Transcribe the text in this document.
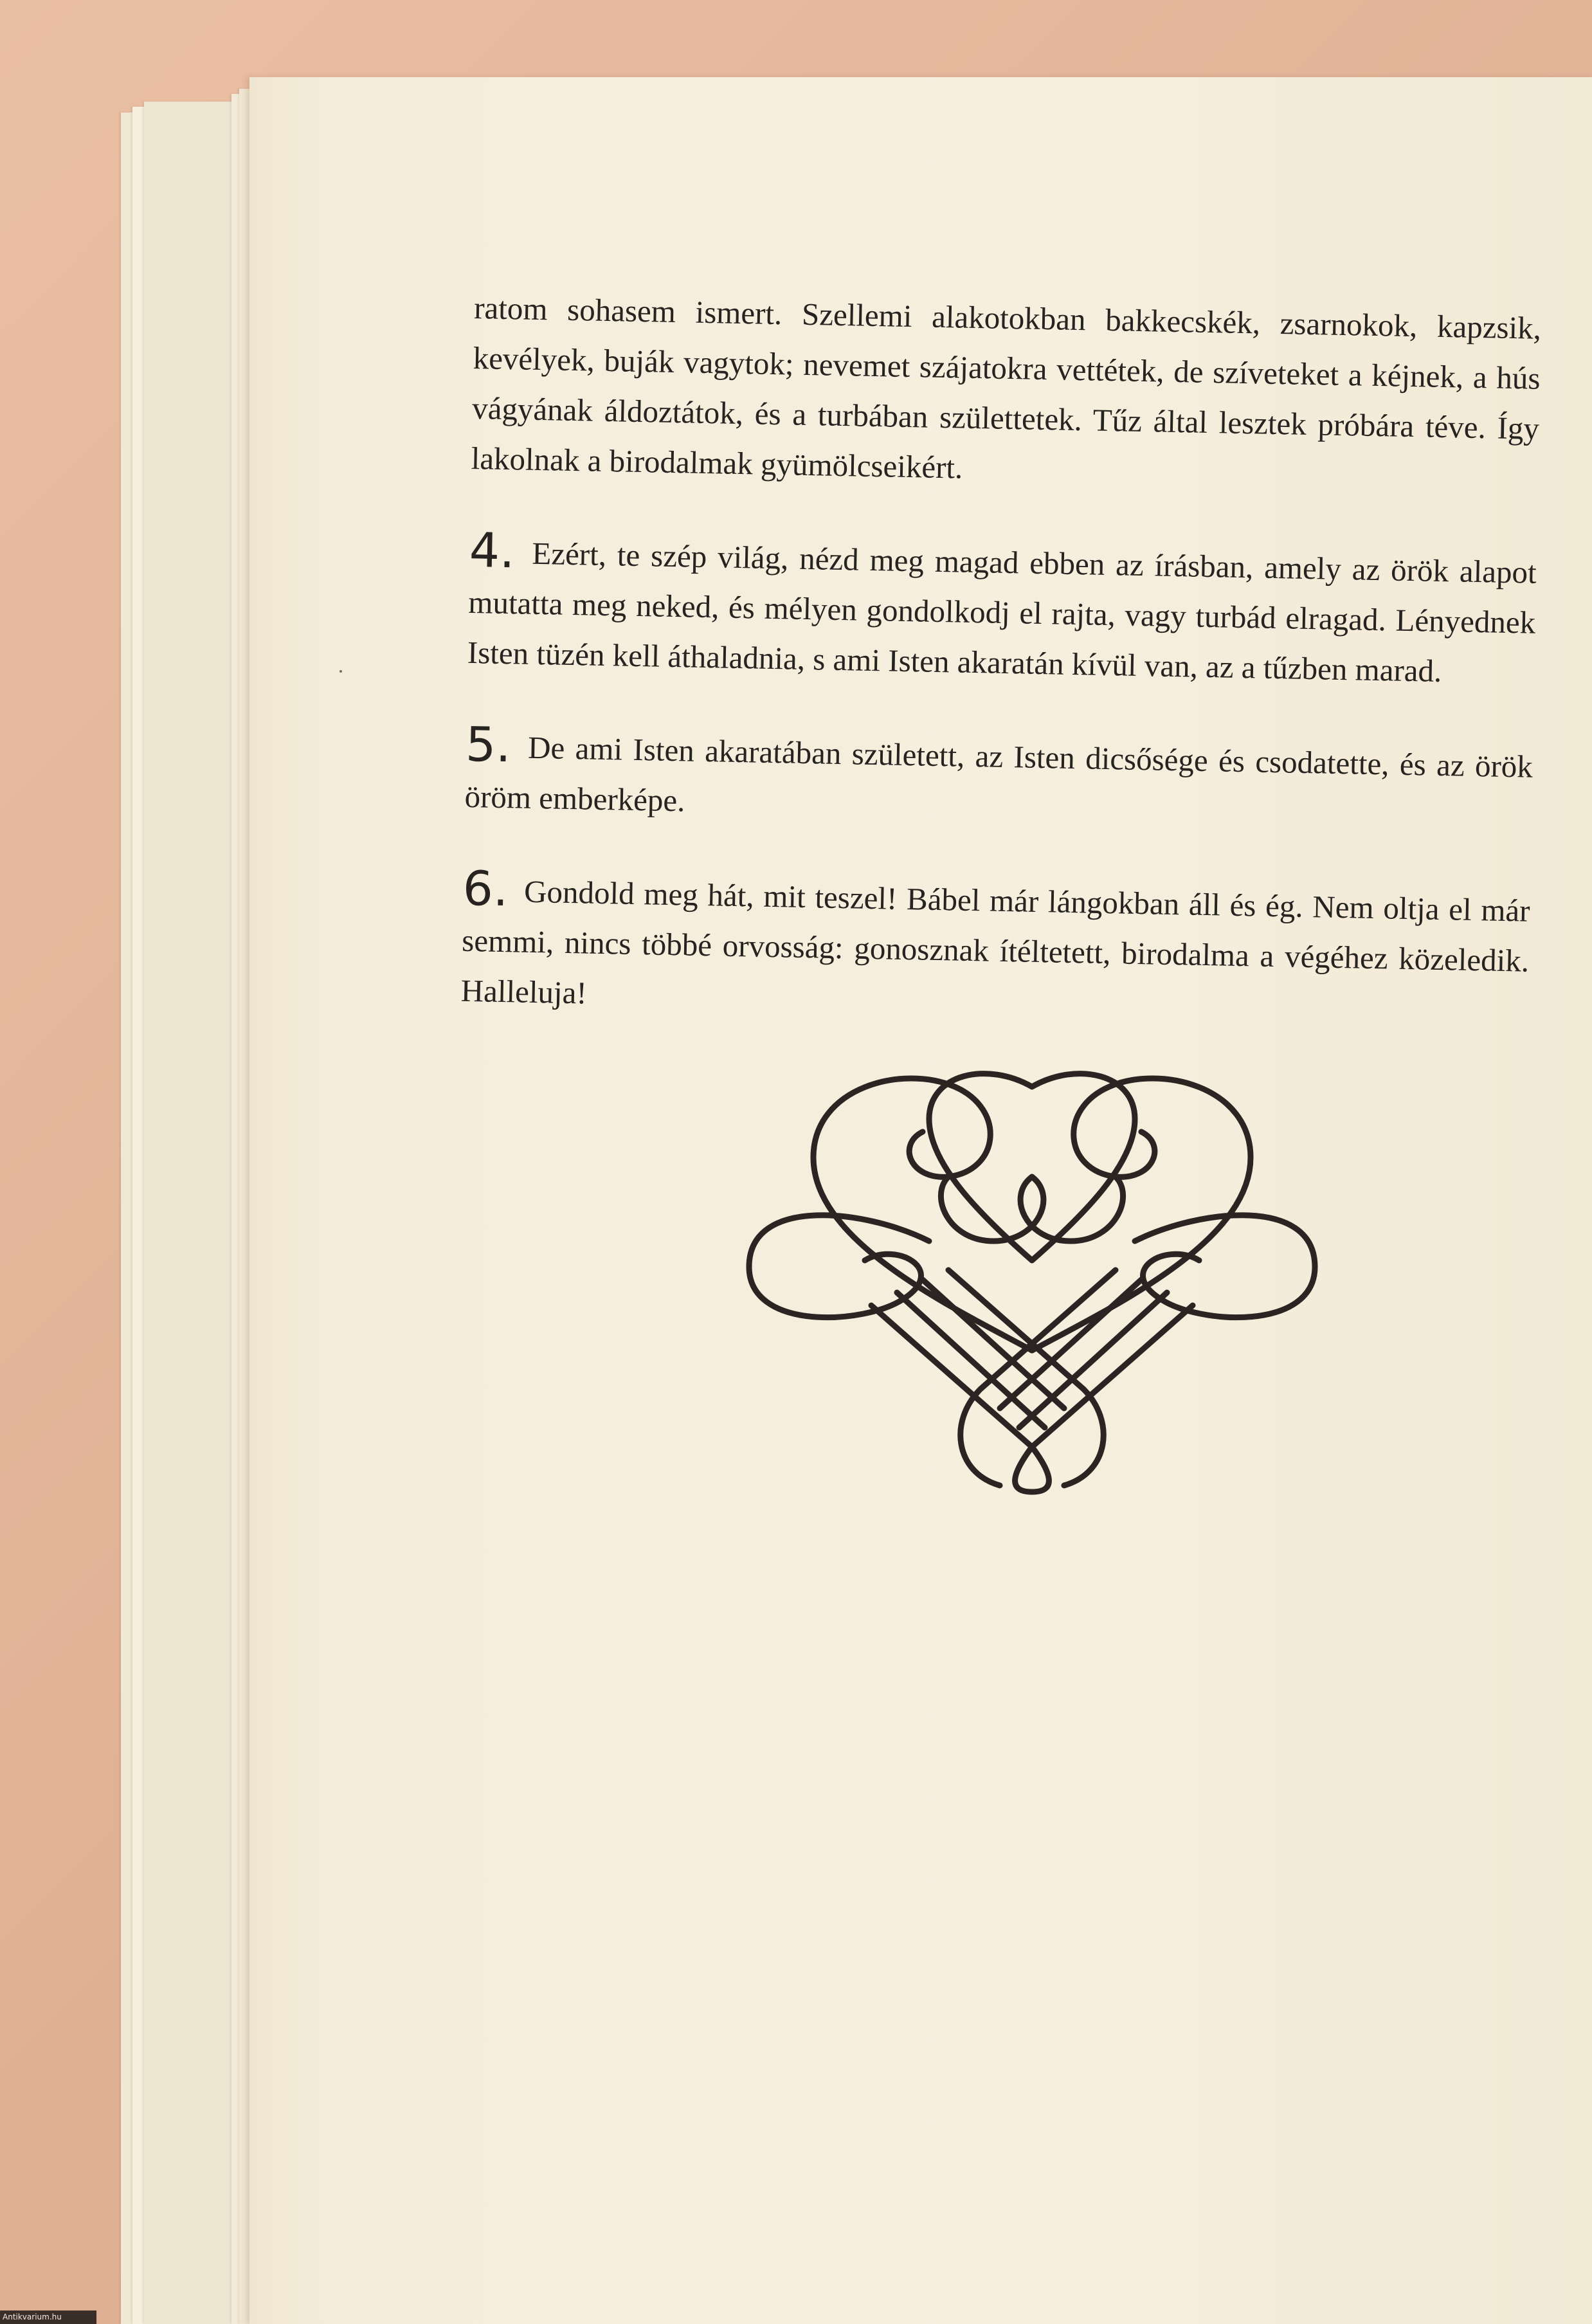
ratom sohasem ismert. Szellemi alakotokban bakkecskék, zsarnokok, kapzsik, kevélyek, buják vagytok; nevemet szájatokra vettétek, de szíveteket a kéjnek, a hús vágyának áldoztátok, és a turbában születtetek. Tűz által lesztek próbára téve. Így lakolnak a birodalmak gyümölcseikért.

4. Ezért, te szép világ, nézd meg magad ebben az írásban, amely az örök alapot mutatta meg neked, és mélyen gondolkodj el rajta, vagy turbád elragad. Lényednek Isten tüzén kell áthaladnia, s ami Isten akaratán kívül van, az a tűzben marad.

5. De ami Isten akaratában született, az Isten dicsősége és csodatette, és az örök öröm emberképe.

6. Gondold meg hát, mit teszel! Bábel már lángokban áll és ég. Nem oltja el már semmi, nincs többé orvosság: gonosznak ítéltetett, birodalma a végéhez közeledik. Halleluja!

Antikvarium.hu
